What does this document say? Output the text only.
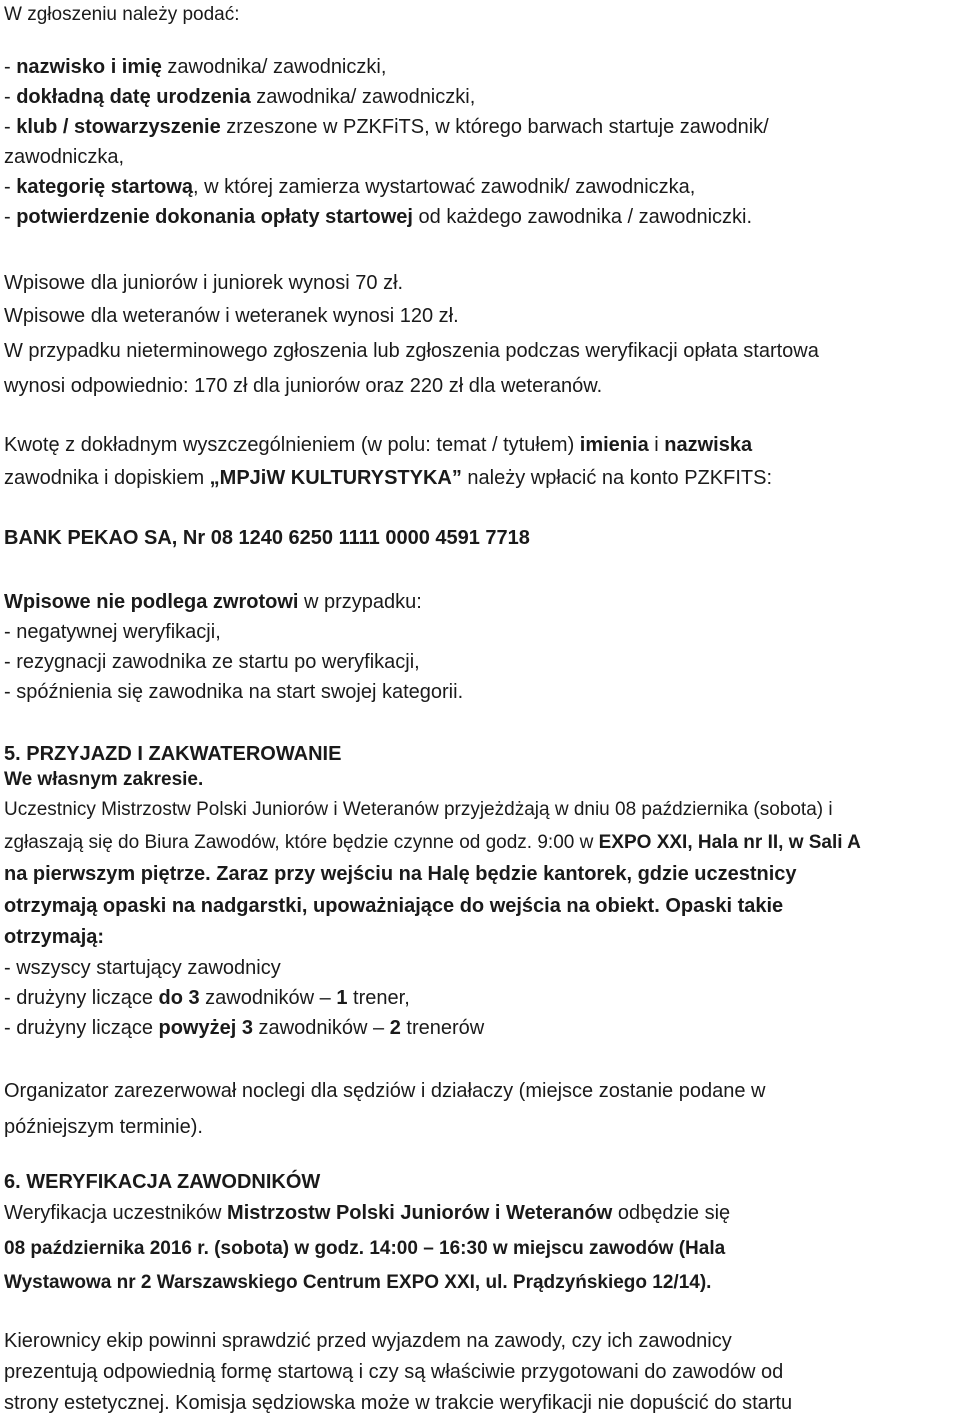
W zgłoszeniu należy podać:
- nazwisko i imię zawodnika/ zawodniczki,
- dokładną datę urodzenia zawodnika/ zawodniczki,
- klub / stowarzyszenie zrzeszone w PZKFiTS, w którego barwach startuje zawodnik/
zawodniczka,
- kategorię startową, w której zamierza wystartować zawodnik/ zawodniczka,
- potwierdzenie dokonania opłaty startowej od każdego zawodnika / zawodniczki.
Wpisowe dla juniorów i juniorek wynosi 70 zł.
Wpisowe dla weteranów i weteranek wynosi 120 zł.
W przypadku nieterminowego zgłoszenia lub zgłoszenia podczas weryfikacji opłata startowa
wynosi odpowiednio: 170 zł dla juniorów oraz 220 zł dla weteranów.
Kwotę z dokładnym wyszczególnieniem (w polu: temat / tytułem) imienia i nazwiska
zawodnika i dopiskiem „MPJiW KULTURYSTYKA” należy wpłacić na konto PZKFITS:
BANK PEKAO SA, Nr 08 1240 6250 1111 0000 4591 7718
Wpisowe nie podlega zwrotowi w przypadku:
- negatywnej weryfikacji,
- rezygnacji zawodnika ze startu po weryfikacji,
- spóźnienia się zawodnika na start swojej kategorii.
5. PRZYJAZD I ZAKWATEROWANIE
We własnym zakresie.
Uczestnicy Mistrzostw Polski Juniorów i Weteranów przyjeżdżają w dniu 08 października (sobota) i
zgłaszają się do Biura Zawodów, które będzie czynne od godz. 9:00 w EXPO XXI, Hala nr II, w Sali A
na pierwszym piętrze. Zaraz przy wejściu na Halę będzie kantorek, gdzie uczestnicy
otrzymają opaski na nadgarstki, upoważniające do wejścia na obiekt. Opaski takie
otrzymają:
- wszyscy startujący zawodnicy
- drużyny liczące do 3 zawodników – 1 trener,
- drużyny liczące powyżej 3 zawodników – 2 trenerów
Organizator zarezerwował noclegi dla sędziów i działaczy (miejsce zostanie podane w
późniejszym terminie).
6. WERYFIKACJA ZAWODNIKÓW
Weryfikacja uczestników Mistrzostw Polski Juniorów i Weteranów odbędzie się
08 października 2016 r. (sobota) w godz. 14:00 – 16:30 w miejscu zawodów (Hala
Wystawowa nr 2 Warszawskiego Centrum EXPO XXI, ul. Prądzyńskiego 12/14).
Kierownicy ekip powinni sprawdzić przed wyjazdem na zawody, czy ich zawodnicy
prezentują odpowiednią formę startową i czy są właściwie przygotowani do zawodów od
strony estetycznej. Komisja sędziowska może w trakcie weryfikacji nie dopuścić do startu
